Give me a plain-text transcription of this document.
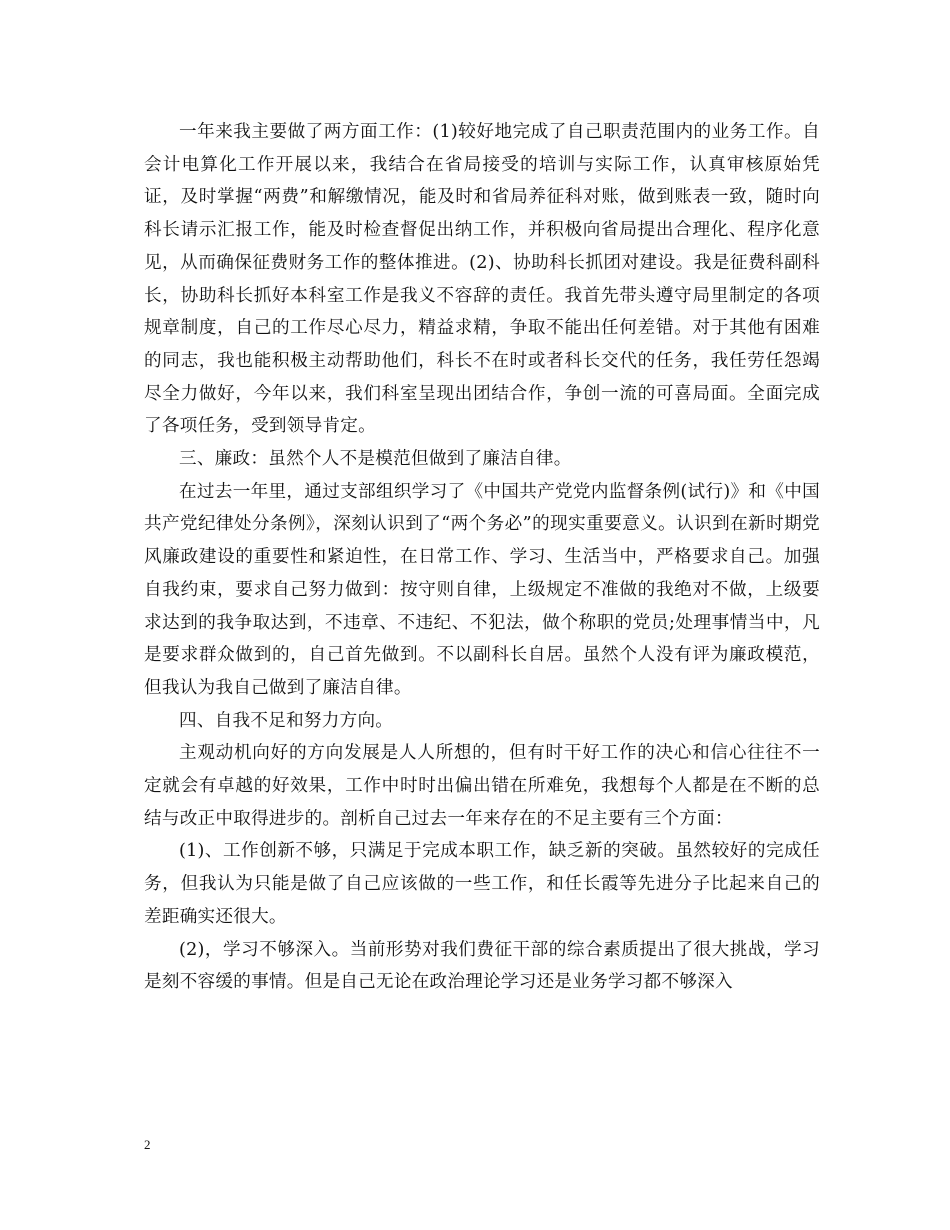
一年来我主要做了两方面工作：(1)较好地完成了自己职责范围内的业务工作。自会计电算化工作开展以来，我结合在省局接受的培训与实际工作，认真审核原始凭证，及时掌握“两费”和解缴情况，能及时和省局养征科对账，做到账表一致，随时向科长请示汇报工作，能及时检查督促出纳工作，并积极向省局提出合理化、程序化意见，从而确保征费财务工作的整体推进。(2)、协助科长抓团对建设。我是征费科副科长，协助科长抓好本科室工作是我义不容辞的责任。我首先带头遵守局里制定的各项规章制度，自己的工作尽心尽力，精益求精，争取不能出任何差错。对于其他有困难的同志，我也能积极主动帮助他们，科长不在时或者科长交代的任务，我任劳任怨竭尽全力做好，今年以来，我们科室呈现出团结合作，争创一流的可喜局面。全面完成了各项任务，受到领导肯定。

三、廉政：虽然个人不是模范但做到了廉洁自律。

在过去一年里，通过支部组织学习了《中国共产党党内监督条例(试行)》和《中国共产党纪律处分条例》，深刻认识到了“两个务必”的现实重要意义。认识到在新时期党风廉政建设的重要性和紧迫性，在日常工作、学习、生活当中，严格要求自己。加强自我约束，要求自己努力做到：按守则自律，上级规定不准做的我绝对不做，上级要求达到的我争取达到，不违章、不违纪、不犯法，做个称职的党员;处理事情当中，凡是要求群众做到的，自己首先做到。不以副科长自居。虽然个人没有评为廉政模范，但我认为我自己做到了廉洁自律。

四、自我不足和努力方向。

主观动机向好的方向发展是人人所想的，但有时干好工作的决心和信心往往不一定就会有卓越的好效果，工作中时时出偏出错在所难免，我想每个人都是在不断的总结与改正中取得进步的。剖析自己过去一年来存在的不足主要有三个方面：

(1)、工作创新不够，只满足于完成本职工作，缺乏新的突破。虽然较好的完成任务，但我认为只能是做了自己应该做的一些工作，和任长霞等先进分子比起来自己的差距确实还很大。

(2)，学习不够深入。当前形势对我们费征干部的综合素质提出了很大挑战，学习是刻不容缓的事情。但是自己无论在政治理论学习还是业务学习都不够深入

2
